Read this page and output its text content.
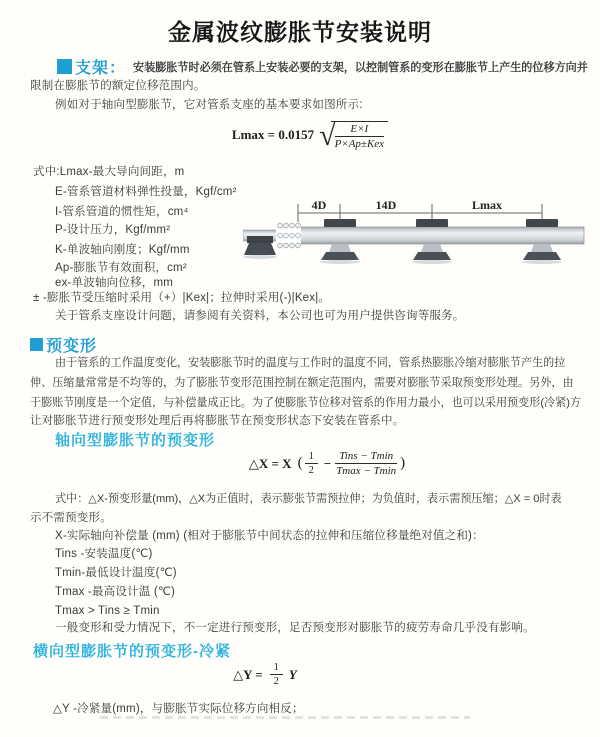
金属波纹膨胀节安装说明
支架： 安装膨胀节时必须在管系上安装必要的支架，以控制管系的变形在膨胀节上产生的位移方向并
限制在膨胀节的额定位移范围内。
例如对于轴向型膨胀节，它对管系支座的基本要求如图所示:
Lmax = 0.0157 √ $\frac{E\times I}{\text{P×Ap±Kex}}$
式中:Lmax-最大导向间距，m
E-管系管道材料弹性投量，Kgf/cm²
I-管系管道的惯性矩，cm⁴
P-设计压力，Kgf/mm²
K-单波轴向刚度；Kgf/mm
Ap-膨胀节有效面积，cm²
ex-单波轴向位移，mm
± -膨胀节受压缩时采用（+）|Kex|；拉伸时采用(-)|Kex|。
关于管系支座设计问题，请参阅有关资料，本公司也可为用户提供咨询等服务。
4D	14D	Lmax
预变形
由于管系的工作温度变化，安装膨胀节时的温度与工作时的温度不同，管系热膨胀冷缩对膨胀节产生的拉
伸、压缩量常常是不均等的，为了膨胀节变形范围控制在额定范围内，需要对膨胀节采取预变形处理。另外，由
于膨账节刚度是一个定值，与补偿量成正比。为了使膨胀节位移对管系的作用力最小，也可以采用预变形(冷紧)方
让对膨胀节进行预变形处理后再将膨胀节在预变形状态下安装在管系中。
轴向型膨胀节的预变形
△X = X ( $\frac{1}{2} - \frac{\text{Tins − Tmin}}{Tmax - Tmin}$ )
式中：△X-预变形量(mm)，△X为正值时，表示膨张节需预拉伸；为负值时，表示需预压缩；△X = 0时表
示不需预变形。
X-实际轴向补偿量 (mm) (相对于膨胀节中间状态的拉伸和压缩位移量绝对值之和)：
Tins -安装温度(℃)
Tmin-最低设计温度(℃)
Tmax -最高设计温 (℃)
Tmax > Tins ≥ Tmin
一般变形和受力情况下，不一定进行预变形，足否预变形对膨胀节的疲劳寿命几乎没有影响。
横向型膨胀节的预变形-冷紧
△Y = $\frac{1}{2}$ Y
△Y -冷紧量(mm)，与膨胀节实际位移方向相反；
